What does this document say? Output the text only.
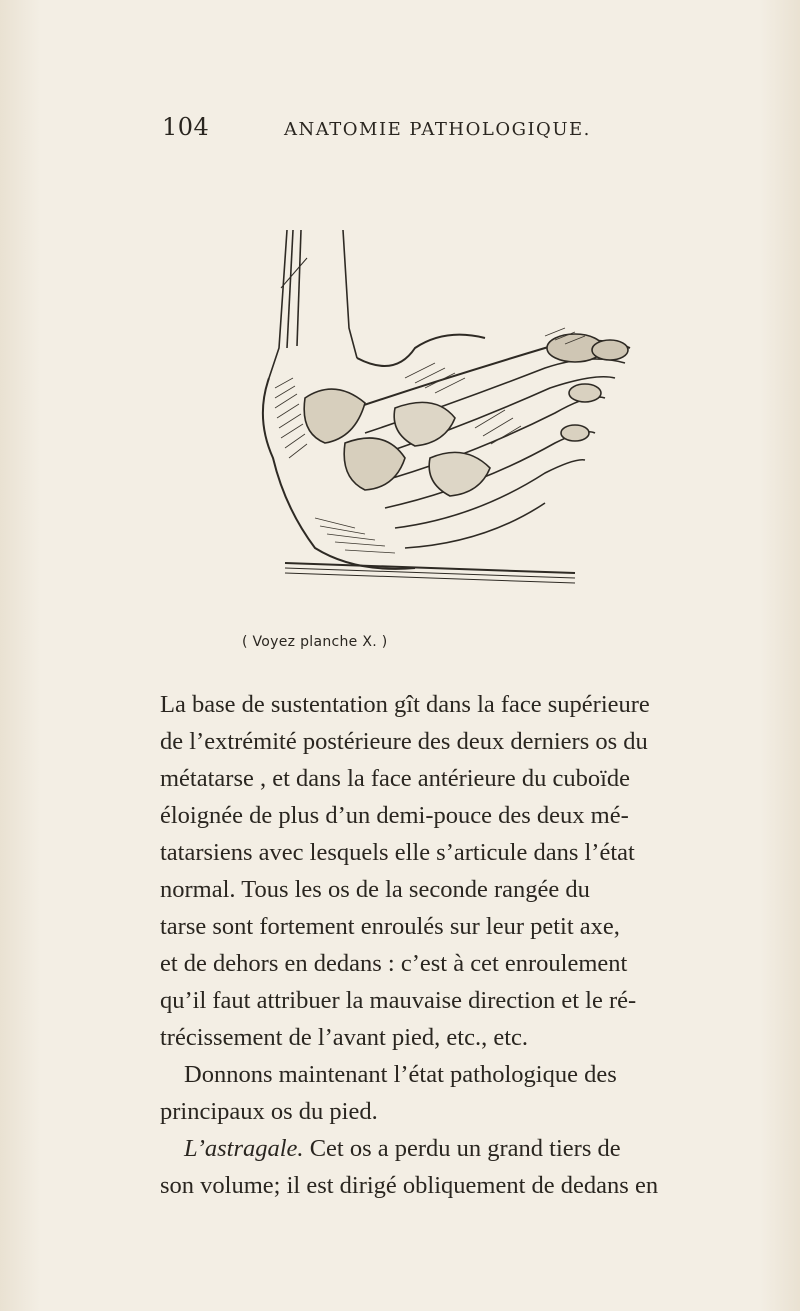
104	ANATOMIE PATHOLOGIQUE.
( Voyez planche X. )
La base de sustentation gît dans la face supérieure
de l’extrémité postérieure des deux derniers os du
métatarse , et dans la face antérieure du cuboïde
éloignée de plus d’un demi-pouce des deux mé-
tatarsiens avec lesquels elle s’articule dans l’état
normal. Tous les os de la seconde rangée du
tarse sont fortement enroulés sur leur petit axe,
et de dehors en dedans : c’est à cet enroulement
qu’il faut attribuer la mauvaise direction et le ré-
trécissement de l’avant pied, etc., etc.
Donnons maintenant l’état pathologique des
principaux os du pied.
L’astragale. Cet os a perdu un grand tiers de
son volume; il est dirigé obliquement de dedans en
